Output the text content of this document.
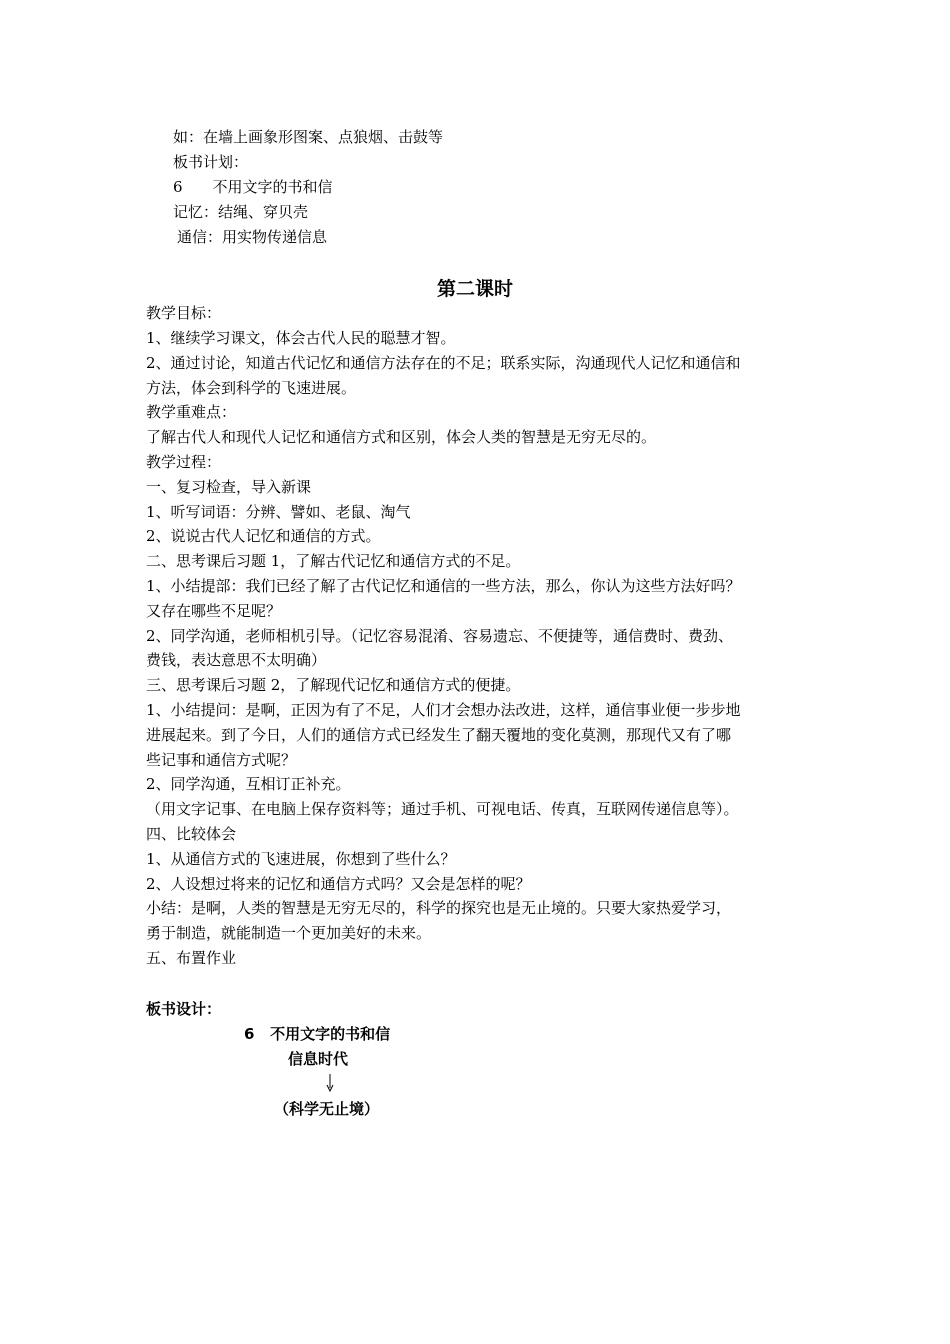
如：在墙上画象形图案、点狼烟、击鼓等
板书计划：
6 不用文字的书和信
记忆：结绳、穿贝壳
通信：用实物传递信息
第二课时
教学目标：
1、继续学习课文，体会古代人民的聪慧才智。
2、通过讨论，知道古代记忆和通信方法存在的不足；联系实际，沟通现代人记忆和通信和
方法，体会到科学的飞速进展。
教学重难点：
了解古代人和现代人记忆和通信方式和区别，体会人类的智慧是无穷无尽的。
教学过程：
一、复习检查，导入新课
1、听写词语：分辨、譬如、老鼠、淘气
2、说说古代人记忆和通信的方式。
二、思考课后习题 1，了解古代记忆和通信方式的不足。
1、小结提部：我们已经了解了古代记忆和通信的一些方法，那么，你认为这些方法好吗？
又存在哪些不足呢？
2、同学沟通，老师相机引导。（记忆容易混淆、容易遗忘、不便捷等，通信费时、费劲、
费钱，表达意思不太明确）
三、思考课后习题 2，了解现代记忆和通信方式的便捷。
1、小结提问：是啊，正因为有了不足，人们才会想办法改进，这样，通信事业便一步步地
进展起来。到了今日，人们的通信方式已经发生了翻天覆地的变化莫测，那现代又有了哪
些记事和通信方式呢？
2、同学沟通，互相订正补充。
（用文字记事、在电脑上保存资料等；通过手机、可视电话、传真，互联网传递信息等）。
四、比较体会
1、从通信方式的飞速进展，你想到了些什么？
2、人设想过将来的记忆和通信方式吗？又会是怎样的呢？
小结：是啊，人类的智慧是无穷无尽的，科学的探究也是无止境的。只要大家热爱学习，
勇于制造，就能制造一个更加美好的未来。
五、布置作业
板书设计：
6   不用文字的书和信
信息时代
（科学无止境）
